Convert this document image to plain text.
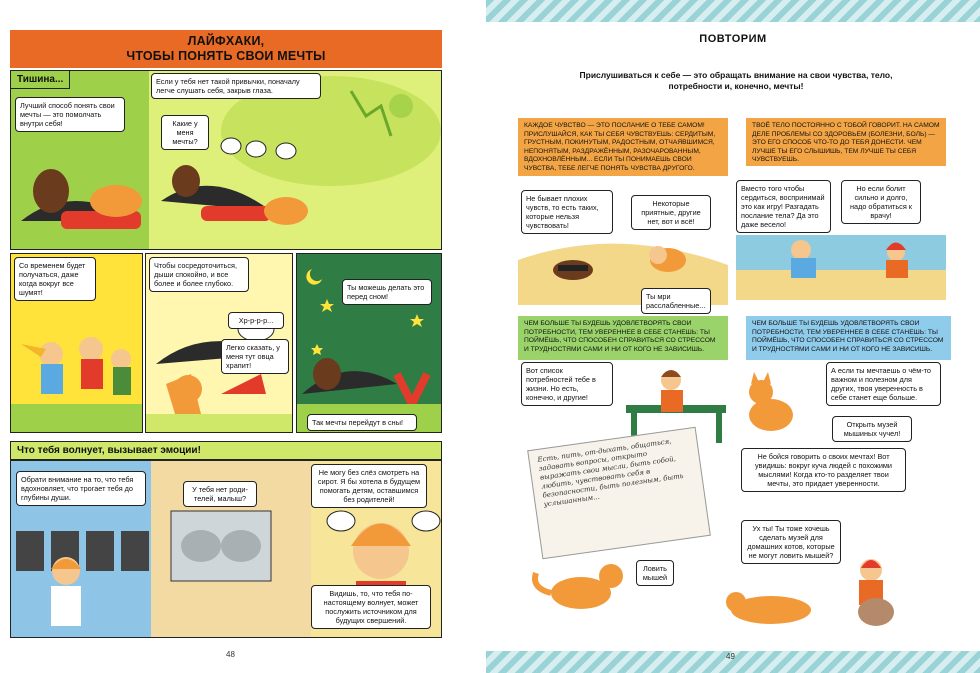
ЛАЙФХАКИ,
ЧТОБЫ ПОНЯТЬ СВОИ МЕЧТЫ
Если у тебя нет такой привычки, поначалу легче слушать себя, закрыв глаза.
Лучший способ понять свои мечты — это помолчать внутри себя!	Какие у меня мечты?
Тишина...
Со временем будет получаться, даже когда вокруг все шумят!
Чтобы сосредоточиться, дыши спокойно, и все более и более глубоко.
Хр-р-р-р...
Легко сказать, у меня тут овца храпит!
Ты можешь делать это перед сном!
Так мечты перейдут в сны!
Что тебя волнует, вызывает эмоции!
Обрати внимание на то, что тебя вдохновляет, что трогает тебя до глубины души.
У тебя нет роди-телей, малыш?
Не могу без слёз смотреть на сирот. Я бы хотела в будущем помогать детям, оставшимся без родителей!
Видишь, то, что тебя по-настоящему волнует, может послужить источником для будущих свершений.
48
ПОВТОРИМ
Прислушиваться к себе — это обращать внимание на свои чувства, тело, потребности и, конечно, мечты!
КАЖДОЕ ЧУВСТВО — ЭТО ПОСЛАНИЕ О ТЕБЕ САМОМ! ПРИСЛУШАЙСЯ, КАК ТЫ СЕБЯ ЧУВСТВУЕШЬ: СЕРДИТЫМ, ГРУСТНЫМ, ПОКИНУТЫМ, РАДОСТНЫМ, ОТЧАЯВШИМСЯ, НЕПОНЯТЫМ, РАЗДРАЖЁННЫМ, РАЗОЧАРОВАННЫМ, ВДОХНОВЛЁННЫМ... ЕСЛИ ТЫ ПОНИМАЕШЬ СВОИ ЧУВСТВА, ТЕБЕ ЛЕГЧЕ ПОНЯТЬ ЧУВСТВА ДРУГОГО.
ТВОЁ ТЕЛО ПОСТОЯННО С ТОБОЙ ГОВОРИТ. НА САМОМ ДЕЛЕ ПРОБЛЕМЫ СО ЗДОРОВЬЕМ (БОЛЕЗНИ, БОЛЬ) — ЭТО ЕГО СПОСОБ ЧТО-ТО ДО ТЕБЯ ДОНЕСТИ. ЧЕМ ЛУЧШЕ ТЫ ЕГО СЛЫШИШЬ, ТЕМ ЛУЧШЕ ТЫ СЕБЯ ЧУВСТВУЕШЬ.
Не бывает плохих чувств, то есть таких, которые нельзя чувствовать!
Некоторые приятные, другие нет, вот и всё!
Ты мри расслабленные...
Вместо того чтобы сердиться, воспринимай это как игру! Разгадать послание тела? Да это даже весело!
Но если болит сильно и долго, надо обратиться к врачу!
ЧЕМ БОЛЬШЕ ТЫ БУДЕШЬ УДОВЛЕТВОРЯТЬ СВОИ ПОТРЕБНОСТИ, ТЕМ УВЕРЕННЕЕ В СЕБЕ СТАНЕШЬ: ТЫ ПОЙМЁШЬ, ЧТО СПОСОБЕН СПРАВИТЬСЯ СО СТРЕССОМ И ТРУДНОСТЯМИ САМИ И НИ ОТ КОГО НЕ ЗАВИСИШЬ.
ЧЕМ БОЛЬШЕ ТЫ БУДЕШЬ УДОВЛЕТВОРЯТЬ СВОИ ПОТРЕБНОСТИ, ТЕМ УВЕРЕННЕЕ В СЕБЕ СТАНЕШЬ: ТЫ ПОЙМЁШЬ, ЧТО СПОСОБЕН СПРАВИТЬСЯ СО СТРЕССОМ И ТРУДНОСТЯМИ САМИ И НИ ОТ КОГО НЕ ЗАВИСИШЬ.
Вот список потребностей тебе в жизни. Но есть, конечно, и другие!
Есть, пить, от-дыхать, общаться, задавать вопросы, открыто выражать свои мысли, быть собой, любить, чувствовать себя в безопасности, быть полезным, быть услышанным...
А если ты мечтаешь о чём-то важном и полезном для других, твоя уверенность в себе станет еще больше.
Открыть музей мышиных чучел!
Не бойся говорить о своих мечтах! Вот увидишь: вокруг куча людей с похожими мыслями! Когда кто-то разделяет твои мечты, это придает уверенности.
Ловить мышей
Ух ты! Ты тоже хочешь сделать музей для домашних котов, которые не могут ловить мышей?
49
